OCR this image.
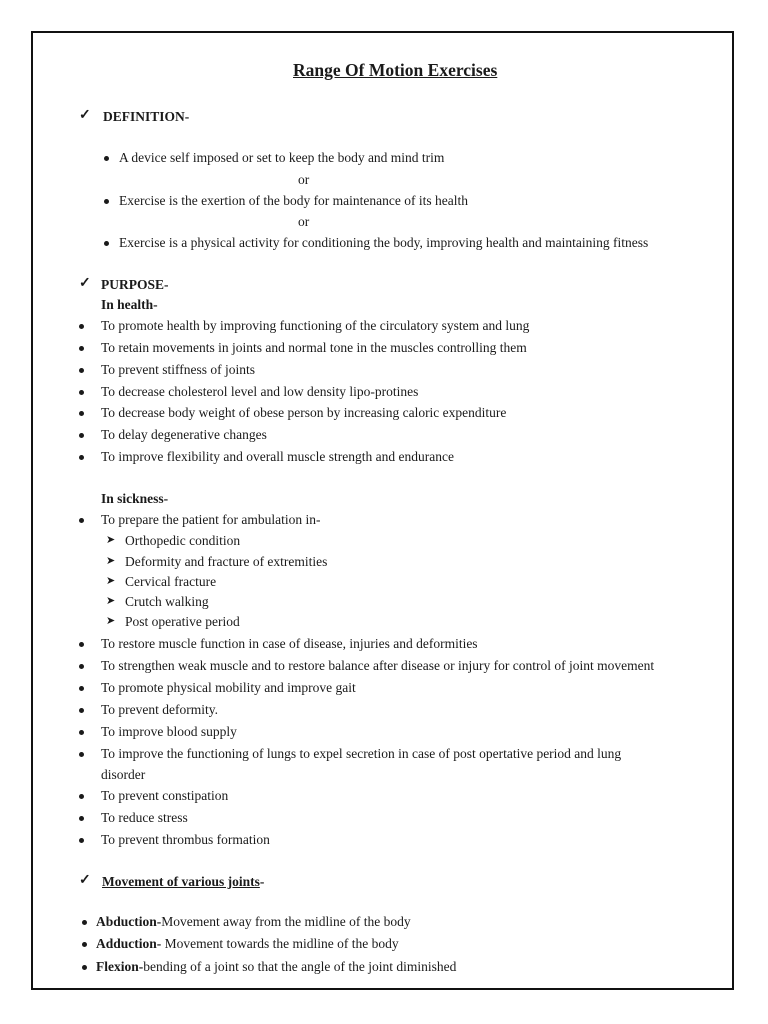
Range Of Motion Exercises
✓ DEFINITION-
A device self imposed or set to keep the body and mind trim
or
Exercise is the exertion of the body for maintenance of its health
or
Exercise is a physical activity for conditioning the body, improving health and maintaining fitness
✓ PURPOSE-
In health-
To promote health by improving functioning of the circulatory system and lung
To retain movements in joints and normal tone in the muscles controlling them
To prevent stiffness of joints
To decrease cholesterol level and low density lipo-protines
To decrease body weight of obese person by increasing caloric expenditure
To delay degenerative changes
To improve flexibility and overall muscle strength and endurance
In sickness-
To prepare the patient for ambulation in-
➤ Orthopedic condition
➤ Deformity and fracture of extremities
➤ Cervical fracture
➤ Crutch walking
➤ Post operative period
To restore muscle function in case of disease, injuries and deformities
To strengthen weak muscle and to restore balance after disease or injury for control of joint movement
To promote physical mobility and improve gait
To prevent deformity.
To improve blood supply
To improve the functioning of lungs to expel secretion in case of post opertative period and lung
disorder
To prevent constipation
To reduce stress
To prevent thrombus formation
✓ Movement of various joints-
Abduction-Movement away from the midline of the body
Adduction- Movement towards the midline of the body
Flexion-bending of a joint so that the angle of the joint diminished
